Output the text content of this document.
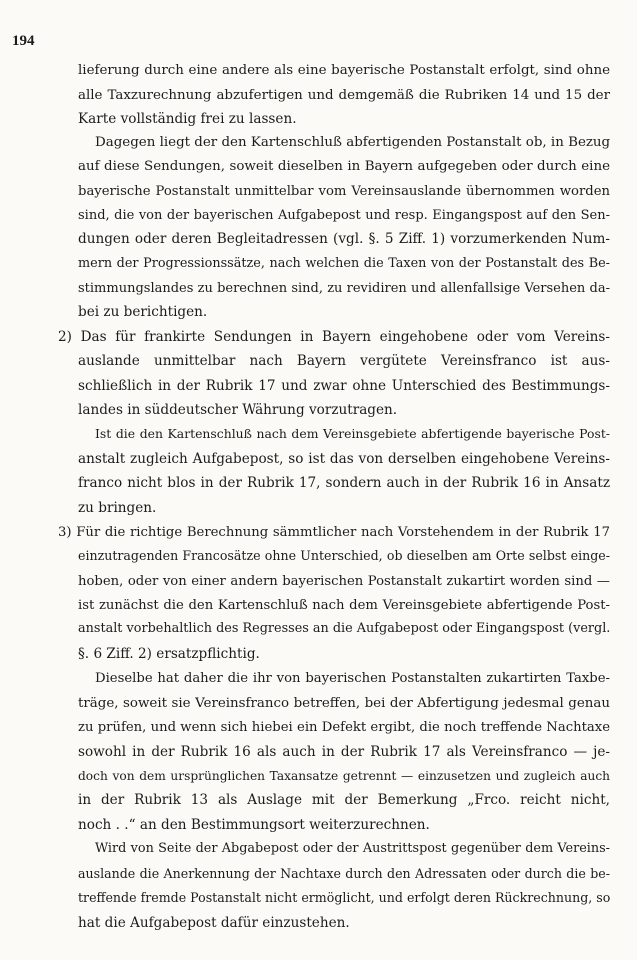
194
lieferung durch eine andere als eine bayerische Postanstalt erfolgt, sind ohne
alle Taxzurechnung abzufertigen und demgemäß die Rubriken 14 und 15 der
Karte vollständig frei zu lassen.
Dagegen liegt der den Kartenschluß abfertigenden Postanstalt ob, in Bezug
auf diese Sendungen, soweit dieselben in Bayern aufgegeben oder durch eine
bayerische Postanstalt unmittelbar vom Vereinsauslande übernommen worden
sind, die von der bayerischen Aufgabepost und resp. Eingangspost auf den Sen-
dungen oder deren Begleitadressen (vgl. §. 5 Ziff. 1) vorzumerkenden Num-
mern der Progressionssätze, nach welchen die Taxen von der Postanstalt des Be-
stimmungslandes zu berechnen sind, zu revidiren und allenfallsige Versehen da-
bei zu berichtigen.
2) Das für frankirte Sendungen in Bayern eingehobene oder vom Vereins-
auslande unmittelbar nach Bayern vergütete Vereinsfranco ist aus-
schließlich in der Rubrik 17 und zwar ohne Unterschied des Bestimmungs-
landes in süddeutscher Währung vorzutragen.
Ist die den Kartenschluß nach dem Vereinsgebiete abfertigende bayerische Post-
anstalt zugleich Aufgabepost, so ist das von derselben eingehobene Vereins-
franco nicht blos in der Rubrik 17, sondern auch in der Rubrik 16 in Ansatz
zu bringen.
3) Für die richtige Berechnung sämmtlicher nach Vorstehendem in der Rubrik 17
einzutragenden Francosätze ohne Unterschied, ob dieselben am Orte selbst einge-
hoben, oder von einer andern bayerischen Postanstalt zukartirt worden sind —
ist zunächst die den Kartenschluß nach dem Vereinsgebiete abfertigende Post-
anstalt vorbehaltlich des Regresses an die Aufgabepost oder Eingangspost (vergl.
§. 6 Ziff. 2) ersatzpflichtig.
Dieselbe hat daher die ihr von bayerischen Postanstalten zukartirten Taxbe-
träge, soweit sie Vereinsfranco betreffen, bei der Abfertigung jedesmal genau
zu prüfen, und wenn sich hiebei ein Defekt ergibt, die noch treffende Nachtaxe
sowohl in der Rubrik 16 als auch in der Rubrik 17 als Vereinsfranco — je-
doch von dem ursprünglichen Taxansatze getrennt — einzusetzen und zugleich auch
in der Rubrik 13 als Auslage mit der Bemerkung „Frco. reicht nicht,
noch . .“ an den Bestimmungsort weiterzurechnen.
Wird von Seite der Abgabepost oder der Austrittspost gegenüber dem Vereins-
auslande die Anerkennung der Nachtaxe durch den Adressaten oder durch die be-
treffende fremde Postanstalt nicht ermöglicht, und erfolgt deren Rückrechnung, so
hat die Aufgabepost dafür einzustehen.
